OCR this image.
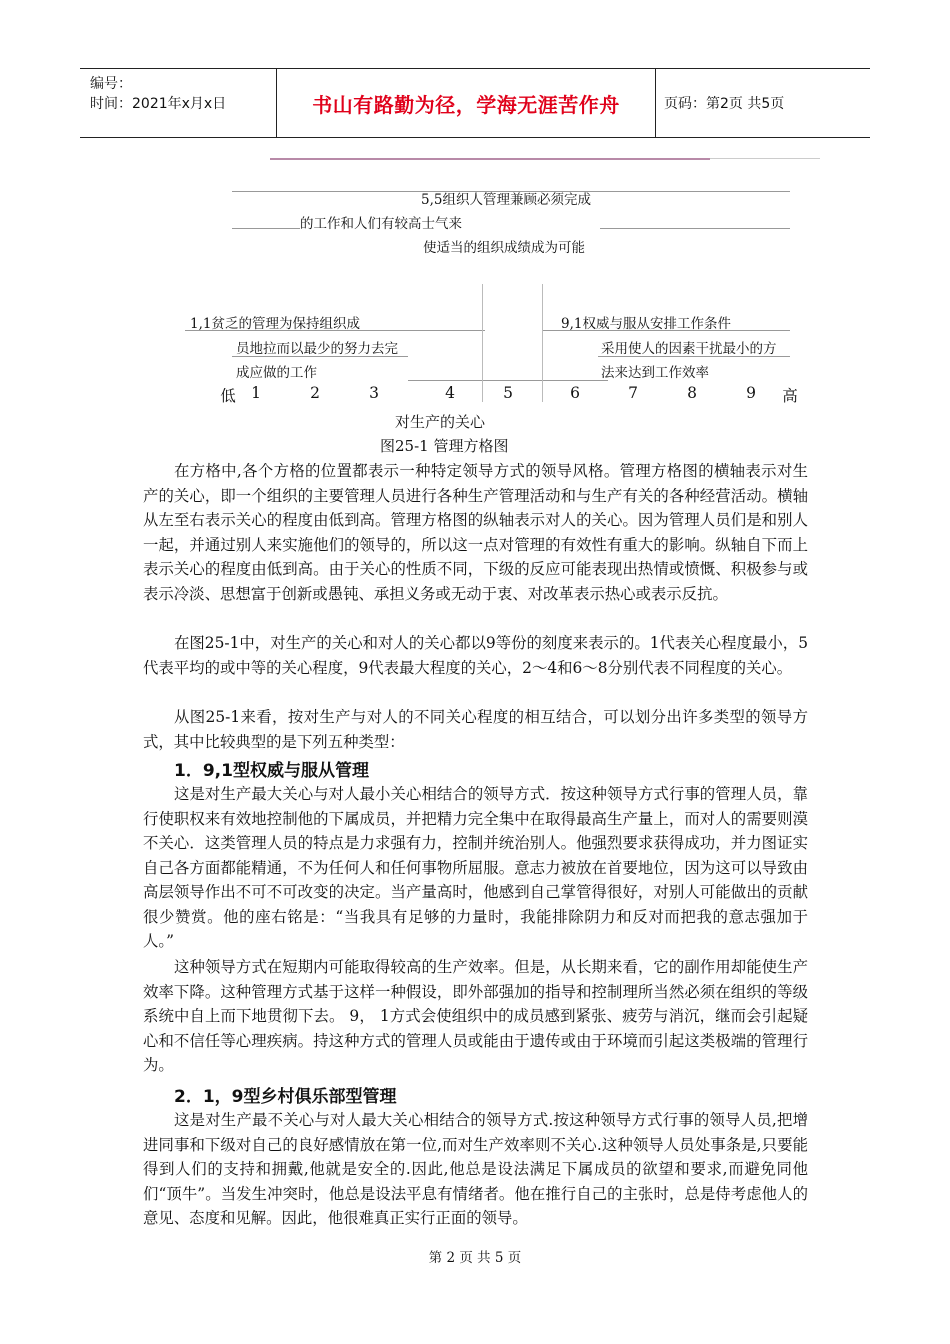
编号：
时间：2021年x月x日	书山有路勤为径，学海无涯苦作舟	页码：第2页 共5页
5,5组织人管理兼顾必须完成
的工作和人们有较高士气来
使适当的组织成绩成为可能
1,1贫乏的管理为保持组织成
员地拉而以最少的努力去完
成应做的工作
9,1权威与服从安排工作条件
采用使人的因素干扰最小的方
法来达到工作效率
低 1	2	3	4	5	6	7	8	9	高
对生产的关心
图25-1 管理方格图
在方格中,各个方格的位置都表示一种特定领导方式的领导风格。管理方格图的横轴表示对生产的关心，即一个组织的主要管理人员进行各种生产管理活动和与生产有关的各种经营活动。横轴从左至右表示关心的程度由低到高。管理方格图的纵轴表示对人的关心。因为管理人员们是和别人一起，并通过别人来实施他们的领导的，所以这一点对管理的有效性有重大的影响。纵轴自下而上表示关心的程度由低到高。由于关心的性质不同，下级的反应可能表现出热情或愤慨、积极参与或表示冷淡、思想富于创新或愚钝、承担义务或无动于衷、对改革表示热心或表示反抗。
在图25-1中，对生产的关心和对人的关心都以9等份的刻度来表示的。1代表关心程度最小，5代表平均的或中等的关心程度，9代表最大程度的关心，2～4和6～8分别代表不同程度的关心。
从图25-1来看，按对生产与对人的不同关心程度的相互结合，可以划分出许多类型的领导方式，其中比较典型的是下列五种类型：
1．9,1型权威与服从管理
这是对生产最大关心与对人最小关心相结合的领导方式．按这种领导方式行事的管理人员，靠行使职权来有效地控制他的下属成员，并把精力完全集中在取得最高生产量上，而对人的需要则漠不关心．这类管理人员的特点是力求强有力，控制并统治别人。他强烈要求获得成功，并力图证实自己各方面都能精通，不为任何人和任何事物所屈服。意志力被放在首要地位，因为这可以导致由高层领导作出不可不可改变的决定。当产量高时，他感到自己掌管得很好，对别人可能做出的贡献很少赞赏。他的座右铭是：“当我具有足够的力量时，我能排除阴力和反对而把我的意志强加于人。”
这种领导方式在短期内可能取得较高的生产效率。但是，从长期来看，它的副作用却能使生产效率下降。这种管理方式基于这样一种假设，即外部强加的指导和控制理所当然必须在组织的等级系统中自上而下地贯彻下去。 9， 1方式会使组织中的成员感到紧张、疲劳与消沉，继而会引起疑心和不信任等心理疾病。持这种方式的管理人员或能由于遗传或由于环境而引起这类极端的管理行为。
2．1，9型乡村俱乐部型管理
这是对生产最不关心与对人最大关心相结合的领导方式.按这种领导方式行事的领导人员,把增进同事和下级对自己的良好感情放在第一位,而对生产效率则不关心.这种领导人员处事条是,只要能得到人们的支持和拥戴,他就是安全的.因此,他总是设法满足下属成员的欲望和要求,而避免同他们“顶牛”。当发生冲突时，他总是设法平息有情绪者。他在推行自己的主张时，总是侍考虑他人的意见、态度和见解。因此，他很难真正实行正面的领导。
第 2 页 共 5 页
